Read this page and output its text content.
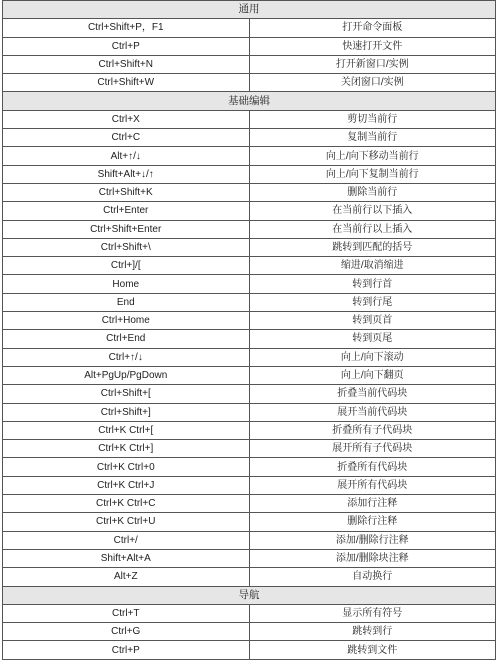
通用	
Ctrl+Shift+P，F1	打开命令面板
Ctrl+P	快速打开文件
Ctrl+Shift+N	打开新窗口/实例
Ctrl+Shift+W	关闭窗口/实例
基础编辑	
Ctrl+X	剪切当前行
Ctrl+C	复制当前行
Alt+↑/↓	向上/向下移动当前行
Shift+Alt+↓/↑	向上/向下复制当前行
Ctrl+Shift+K	删除当前行
Ctrl+Enter	在当前行以下插入
Ctrl+Shift+Enter	在当前行以上插入
Ctrl+Shift+\	跳转到匹配的括号
Ctrl+]/[	缩进/取消缩进
Home	转到行首
End	转到行尾
Ctrl+Home	转到页首
Ctrl+End	转到页尾
Ctrl+↑/↓	向上/向下滚动
Alt+PgUp/PgDown	向上/向下翻页
Ctrl+Shift+[	折叠当前代码块
Ctrl+Shift+]	展开当前代码块
Ctrl+K Ctrl+[	折叠所有子代码块
Ctrl+K Ctrl+]	展开所有子代码块
Ctrl+K Ctrl+0	折叠所有代码块
Ctrl+K Ctrl+J	展开所有代码块
Ctrl+K Ctrl+C	添加行注释
Ctrl+K Ctrl+U	删除行注释
Ctrl+/	添加/删除行注释
Shift+Alt+A	添加/删除块注释
Alt+Z	自动换行
导航	
Ctrl+T	显示所有符号
Ctrl+G	跳转到行
Ctrl+P	跳转到文件
